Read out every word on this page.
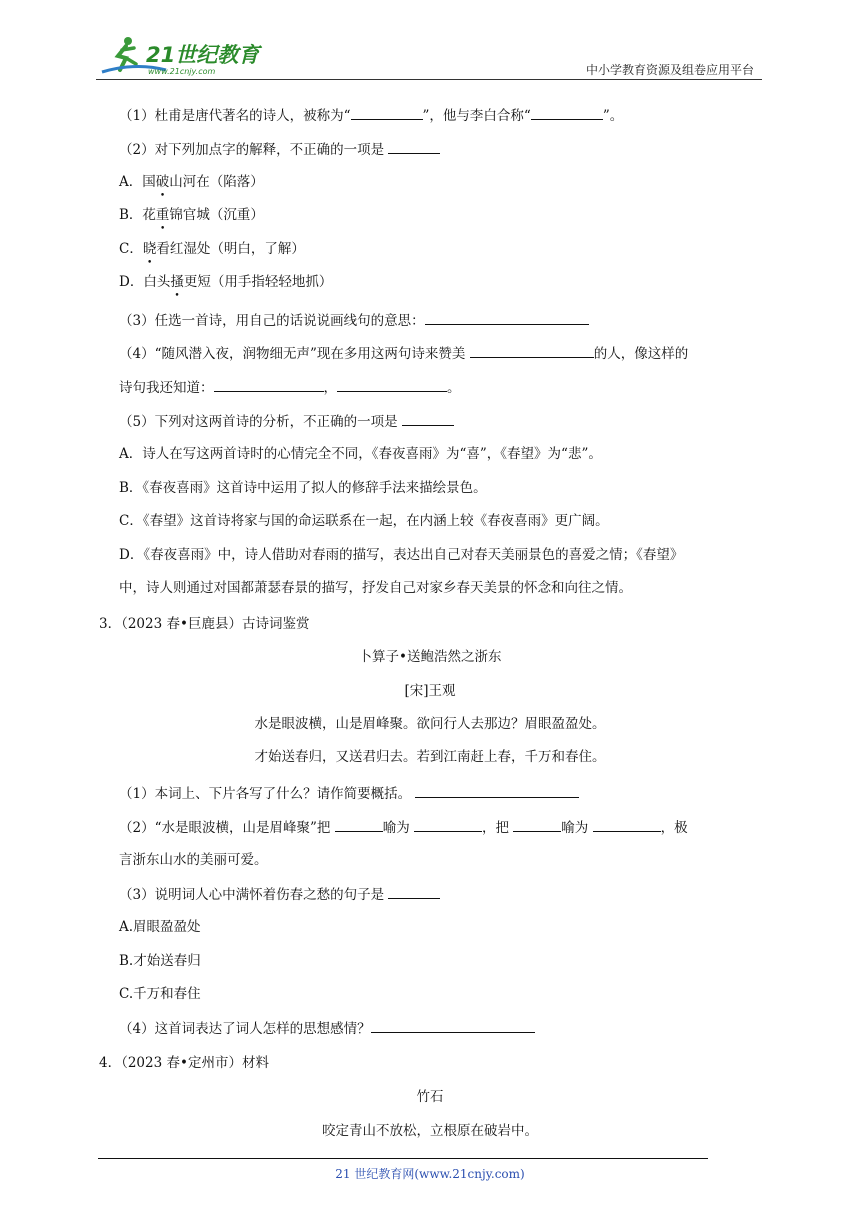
21世纪教育
www.21cnjy.com	中小学教育资源及组卷应用平台
（1）杜甫是唐代著名的诗人，被称为“	”，他与李白合称“	”。
（2）对下列加点字的解释，不正确的一项是
A．国破山河在（陷落）
B．花重锦官城（沉重）
C．晓看红湿处（明白，了解）
D．白头搔更短（用手指轻轻地抓）
（3）任选一首诗，用自己的话说说画线句的意思：
（4）“随风潜入夜，润物细无声”现在多用这两句诗来赞美	的人，像这样的
诗句我还知道：	，	。
（5）下列对这两首诗的分析，不正确的一项是
A．诗人在写这两首诗时的心情完全不同，《春夜喜雨》为“喜”，《春望》为“悲”。
B．《春夜喜雨》这首诗中运用了拟人的修辞手法来描绘景色。
C．《春望》这首诗将家与国的命运联系在一起，在内涵上较《春夜喜雨》更广阔。
D．《春夜喜雨》中，诗人借助对春雨的描写，表达出自己对春天美丽景色的喜爱之情；《春望》
中，诗人则通过对国都萧瑟春景的描写，抒发自己对家乡春天美景的怀念和向往之情。
3．（2023 春•巨鹿县）古诗词鉴赏
卜算子•送鲍浩然之浙东
[宋]王观
水是眼波横，山是眉峰聚。欲问行人去那边？眉眼盈盈处。
才始送春归，又送君归去。若到江南赶上春，千万和春住。
（1）本词上、下片各写了什么？请作简要概括。
（2）“水是眼波横，山是眉峰聚”把	喻为	，把	喻为	，极
言浙东山水的美丽可爱。
（3）说明词人心中满怀着伤春之愁的句子是
A.眉眼盈盈处
B.才始送春归
C.千万和春住
（4）这首词表达了词人怎样的思想感情？
4．（2023 春•定州市）材料
竹石
咬定青山不放松，立根原在破岩中。
21 世纪教育网(www.21cnjy.com)
